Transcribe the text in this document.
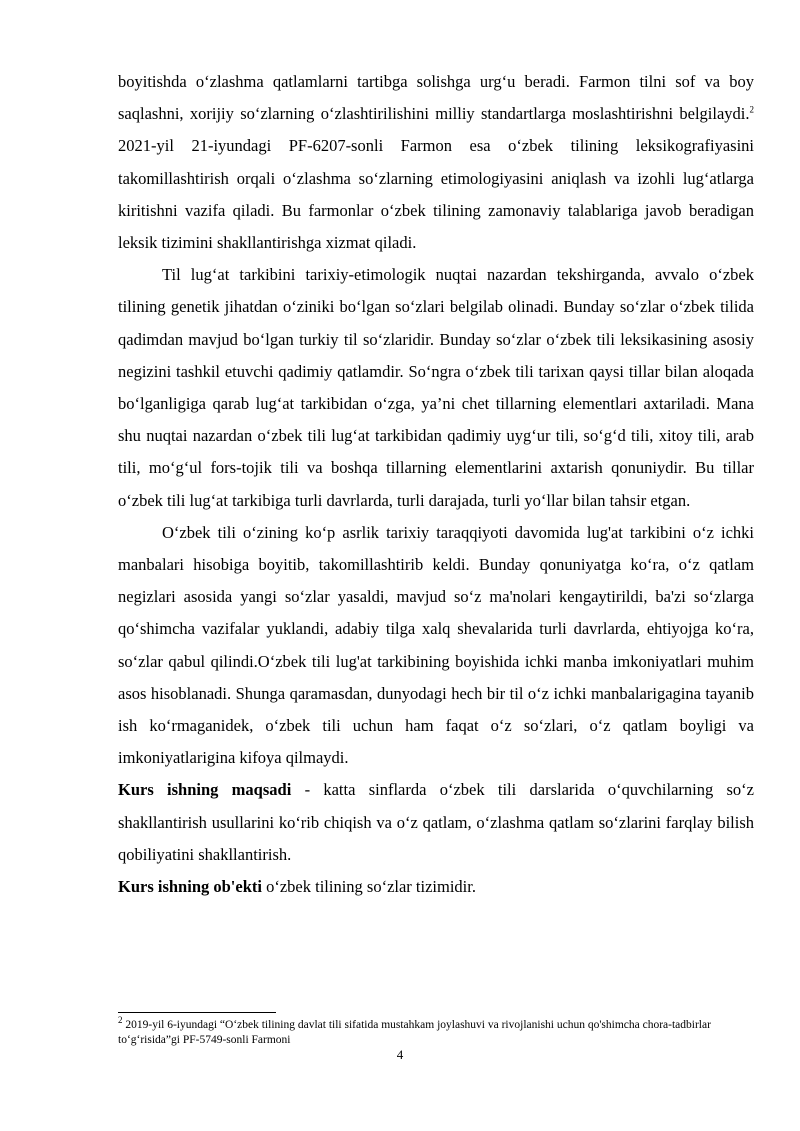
boyitishda o‘zlashma qatlamlarni tartibga solishga urg‘u beradi. Farmon tilni sof va boy saqlashni, xorijiy so‘zlarning o‘zlashtirilishini milliy standartlarga moslashtirishni belgilaydi.$^2$ 2021-yil 21-iyundagi PF-6207-sonli Farmon esa o‘zbek tilining leksikografiyasini takomillashtirish orqali o‘zlashma so‘zlarning etimologiyasini aniqlash va izohli lug‘atlarga kiritishni vazifa qiladi. Bu farmonlar o‘zbek tilining zamonaviy talablariga javob beradigan leksik tizimini shakllantirishga xizmat qiladi.

Til lug‘at tarkibini tarixiy-etimologik nuqtai nazardan tekshirganda, avvalo o‘zbek tilining genetik jihatdan o‘ziniki bo‘lgan so‘zlari belgilab olinadi. Bunday so‘zlar o‘zbek tilida qadimdan mavjud bo‘lgan turkiy til so‘zlaridir. Bunday so‘zlar o‘zbek tili leksikasining asosiy negizini tashkil etuvchi qadimiy qatlamdir. So‘ngra o‘zbek tili tarixan qaysi tillar bilan aloqada bo‘lganligiga qarab lug‘at tarkibidan o‘zga, ya’ni chet tillarning elementlari axtariladi. Mana shu nuqtai nazardan o‘zbek tili lug‘at tarkibidan qadimiy uyg‘ur tili, so‘g‘d tili, xitoy tili, arab tili, mo‘g‘ul fors-tojik tili va boshqa tillarning elementlarini axtarish qonuniydir. Bu tillar o‘zbek tili lug‘at tarkibiga turli davrlarda, turli darajada, turli yo‘llar bilan tahsir etgan.

O‘zbek tili o‘zining ko‘p asrlik tarixiy taraqqiyoti davomida lug'at tarkibini o‘z ichki manbalari hisobiga boyitib, takomillashtirib keldi. Bunday qonuniyatga ko‘ra, o‘z qatlam negizlari asosida yangi so‘zlar yasaldi, mavjud so‘z ma'nolari kengaytirildi, ba'zi so‘zlarga qo‘shimcha vazifalar yuklandi, adabiy tilga xalq shevalarida turli davrlarda, ehtiyojga ko‘ra, so‘zlar qabul qilindi.O‘zbek tili lug'at tarkibining boyishida ichki manba imkoniyatlari muhim asos hisoblanadi. Shunga qaramasdan, dunyodagi hech bir til o‘z ichki manbalarigagina tayanib ish ko‘rmaganidek, o‘zbek tili uchun ham faqat o‘z so‘zlari, o‘z qatlam boyligi va imkoniyatlarigina kifoya qilmaydi.

Kurs ishning maqsadi - katta sinflarda o‘zbek tili darslarida o‘quvchilarning so‘z shakllantirish usullarini ko‘rib chiqish va o‘z qatlam, o‘zlashma qatlam so‘zlarini farqlay bilish qobiliyatini shakllantirish.

Kurs ishning ob'ekti o‘zbek tilining so‘zlar tizimidir.

$^2$ 2019-yil 6-iyundagi “O‘zbek tilining davlat tili sifatida mustahkam joylashuvi va rivojlanishi uchun qo'shimcha chora-tadbirlar to‘g‘risida”gi PF-5749-sonli Farmoni
4
